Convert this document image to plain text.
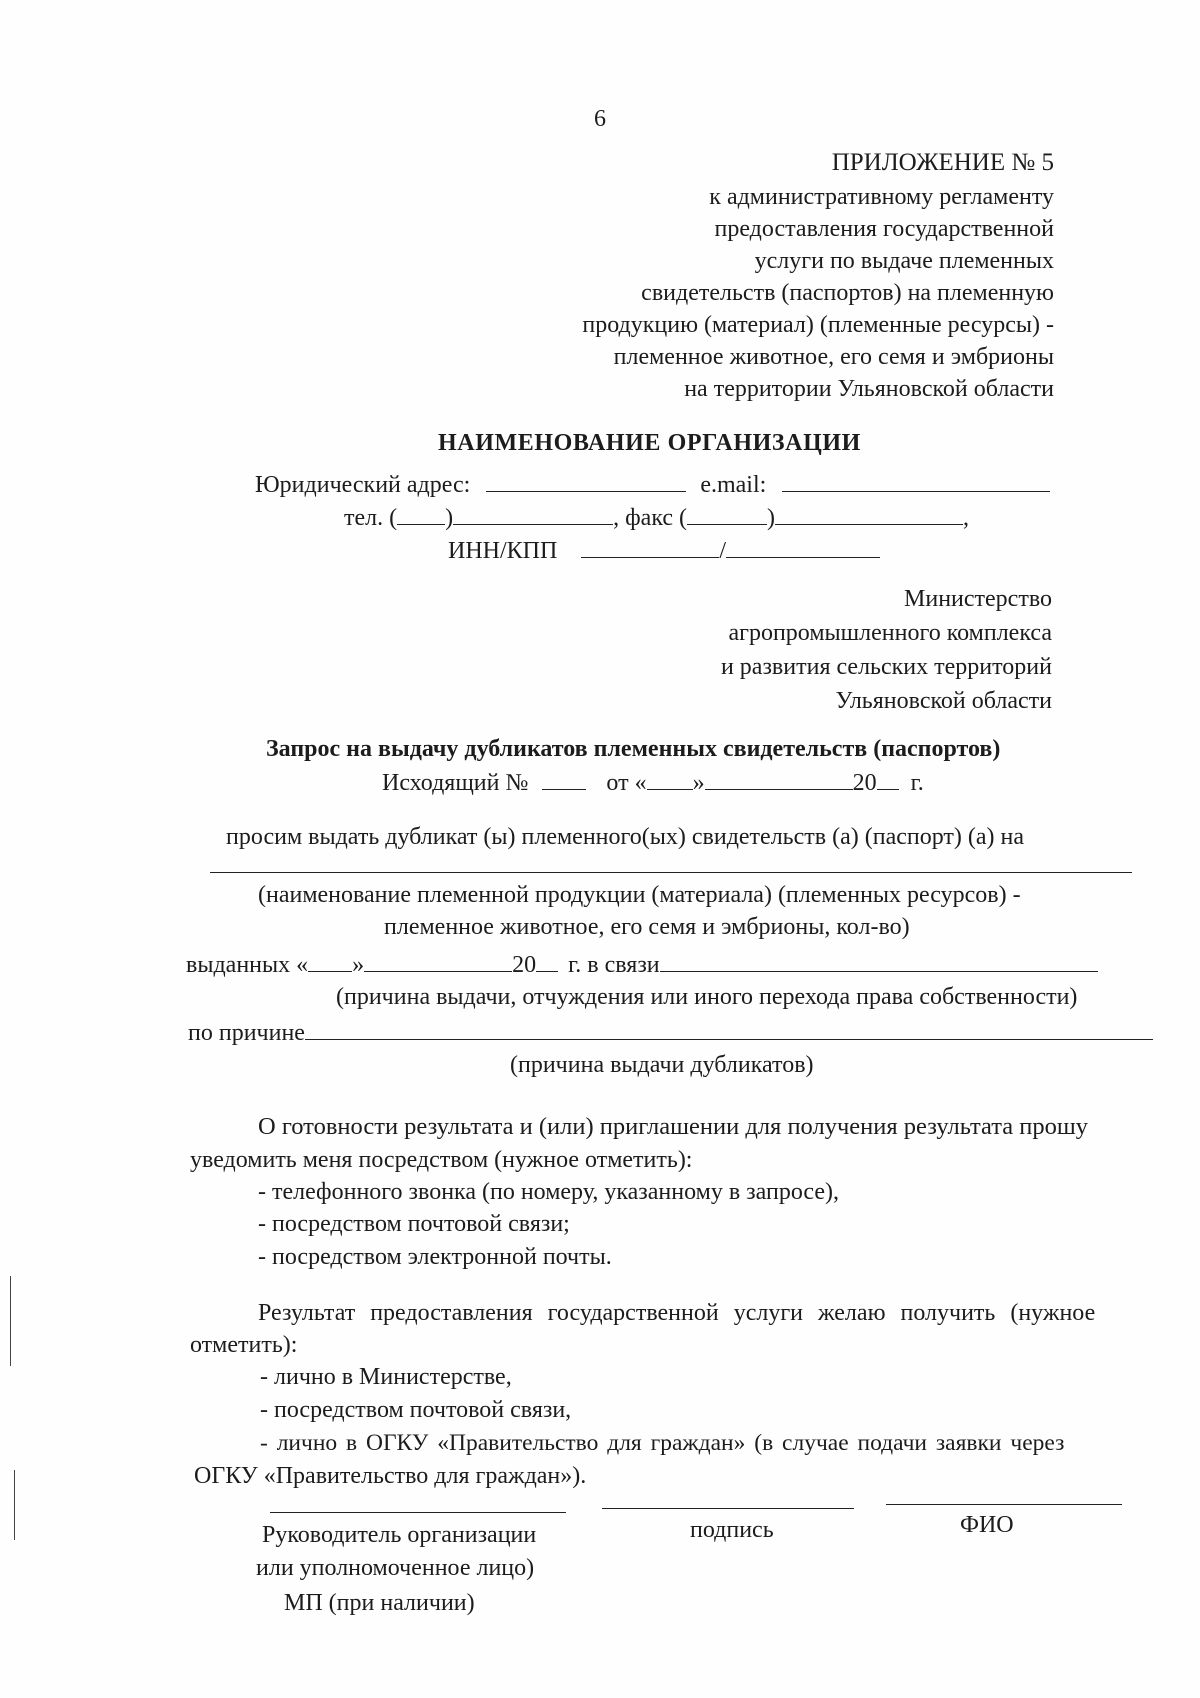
6
ПРИЛОЖЕНИЕ № 5
к административному регламенту
предоставления государственной
услуги по выдаче племенных
свидетельств (паспортов) на племенную
продукцию (материал) (племенные ресурсы) -
племенное животное, его семя и эмбрионы
на территории Ульяновской области
НАИМЕНОВАНИЕ ОРГАНИЗАЦИИ
Юридический адрес:	e.mail:
тел. ( )	, факс (	)	,
ИНН/КПП	/
Министерство
агропромышленного комплекса
и развития сельских территорий
Ульяновской области
Запрос на выдачу дубликатов племенных свидетельств (паспортов)
Исходящий №	от « »	20 г.
просим выдать дубликат (ы) племенного(ых) свидетельств (а) (паспорт) (а) на
(наименование племенной продукции (материала) (племенных ресурсов) -
племенное животное, его семя и эмбрионы, кол-во)
выданных « »	20 г. в связи
(причина выдачи, отчуждения или иного перехода права собственности)
по причине
(причина выдачи дубликатов)
О готовности результата и (или) приглашении для получения результата прошу
уведомить меня посредством (нужное отметить):
- телефонного звонка (по номеру, указанному в запросе),
- посредством почтовой связи;
- посредством электронной почты.
Результат предоставления государственной услуги желаю получить (нужное
отметить):
- лично в Министерстве,
- посредством почтовой связи,
- лично в ОГКУ «Правительство для граждан» (в случае подачи заявки через
ОГКУ «Правительство для граждан»).
Руководитель организации	подпись	ФИО
или уполномоченное лицо)
МП (при наличии)
